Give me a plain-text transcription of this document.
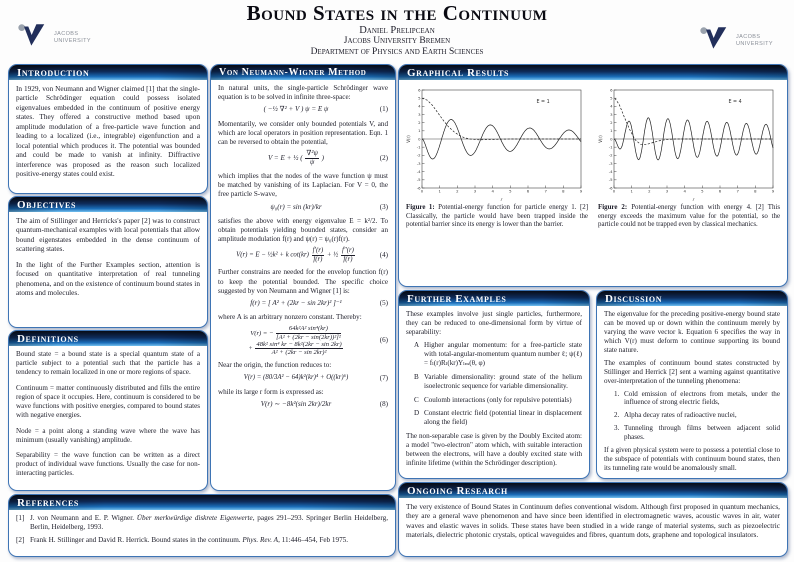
Bound States in the Continuum
Daniel Prelipcean
Jacobs University Bremen
Department of Physics and Earth Sciences
JACOBS
UNIVERSITY
JACOBS
UNIVERSITY
Introduction

In 1929, von Neumann and Wigner claimed [1] that the single-particle Schrödinger equation could possess isolated eigenvalues embedded in the continuum of positive energy states. They offered a constructive method based upon amplitude modulation of a free-particle wave function and leading to a localized (i.e., integrable) eigenfunction and a local potential which produces it. The potential was bounded and could be made to vanish at infinity. Diffractive interference was proposed as the reason such localized positive-energy states could exist.

Objectives

The aim of Stillinger and Herricks's paper [2] was to construct quantum-mechanical examples with local potentials that allow bound eigenstates embedded in the dense continuum of scattering states.

In the light of the Further Examples section, attention is focused on quantitative interpretation of real tunneling phenomena, and on the existence of continuum bound states in atoms and molecules.

Definitions

Bound state = a bound state is a special quantum state of a particle subject to a potential such that the particle has a tendency to remain localized in one or more regions of space.

Continuum = matter continuously distributed and fills the entire region of space it occupies. Here, continuum is considered to be wave functions with positive energies, compared to bound states with negative energies.

Node = a point along a standing wave where the wave has minimum (usually vanishing) amplitude.

Separability = the wave function can be written as a direct product of individual wave functions. Usually the case for non-interacting particles.

Von Neumann-Wigner Method

In natural units, the single-particle Schrödinger wave equation is to be solved in infinite three-space:

( −½ ∇² + V ) ψ = E ψ	(1)

Momentarily, we consider only bounded potentials V, and which are local operators in position representation. Eqn. 1 can be reversed to obtain the potential,

V = E + ½ ( $\frac{\text{∇²ψ}}{\psi}$ )	(2)

which implies that the nodes of the wave function ψ must be matched by vanishing of its Laplacian. For V = 0, the free particle S-wave,

ψ₀(r) = sin (kr)/kr	(3)

satisfies the above with energy eigenvalue E = k²/2. To obtain potentials yielding bounded states, consider an amplitude modulation f(r) and ψ(r) = ψ₀(r)f(r).

V(r) = E − ½k² + k $\cot(kr) \frac{f'(r)}{f(r)}$ + ½ $\frac{f''(r)}{f(r)}$	(4)

Further constrains are needed for the envelop function f(r) to keep the potential bounded. The specific choice suggested by von Neumann and Wigner [1] is:

f(r) = [ A² + (2kr − sin 2kr)² ]⁻¹	(5)

where A is an arbitrary nonzero constant. Thereby:

V(r) = − $\frac{\text{64k²A² sin⁴(kr)}}{\text{[A² + (2kr − sin(2kr))²]²}}$

+ $\frac{\text{48k² sin⁴ kr − 8k²(2kr − sin 2kr)}}{\text{A² + (2kr − sin 2kr)²}}$
(6)

Near the origin, the function reduces to:

V(r) = (80/3A² − 64)k²(kr)⁴ + O((kr)⁶)	(7)

while its large r form is expressed as:

V(r) ∼ −8k²(sin 2kr)/2kr	(8)
Graphical Results
-6
-5
-4
-3
-2
-1
0
1
2
3
4
5
6
0	1	2	3	4	5	6	7	8	9
E = 1
V(r)
r
Figure 1: Potential-energy function for particle energy 1. [2] Classically, the particle would have been trapped inside the potential barrier since its energy is lower than the barrier.
-6
-5
-4
-3
-2
-1
0
1
2
3
4
5
6
0	1	2	3	4	5	6	7	8	9
E = 4
V(r)
r
Figure 2: Potential-energy function with energy 4. [2] This energy exceeds the maximum value for the potential, so the particle could not be trapped even by classical mechanics.
Further Examples

These examples involve just single particles, furthermore, they can be reduced to one-dimensional form by virtue of separability:

A Higher angular momentum: for a free-particle state with total-angular-momentum quantum number ℓ; ψ(ℓ) = fₗ(r)Rₗ(kr)Yₗₘ(θ, φ)
B Variable dimensionality: ground state of the helium isoelectronic sequence for variable dimensionality.
C Coulomb interactions (only for repulsive potentials)
D Constant electric field (potential linear in displacement along the field)

The non-separable case is given by the Doubly Excited atom: a model "two-electron" atom which, with suitable interaction between the electrons, will have a doubly excited state with infinite lifetime (within the Schrödinger description).

Discussion

The eigenvalue for the preceding positive-energy bound state can be moved up or down within the continuum merely by varying the wave vector k. Equation 6 specifies the way in which V(r) must deform to continue supporting its bound state nature.

The examples of continuum bound states constructed by Stillinger and Herrick [2] sent a warning against quantitative over-interpretation of the tunneling phenomena:

1. Cold emission of electrons from metals, under the influence of strong electric fields,
2. Alpha decay rates of radioactive nuclei,
3. Tunneling through films between adjacent solid phases.

If a given physical system were to possess a potential close to the subspace of potentials with continuum bound states, then its tunneling rate would be anomalously small.

Ongoing Research

The very existence of Bound States in Continuum defies conventional wisdom. Although first proposed in quantum mechanics, they are a general wave phenomenon and have since been identified in electromagnetic waves, acoustic waves in air, water waves and elastic waves in solids. These states have been studied in a wide range of material systems, such as piezoelectric materials, dielectric photonic crystals, optical waveguides and fibres, quantum dots, graphene and topological insulators.

References
[1] J. von Neumann and E. P. Wigner. Über merkwürdige diskrete Eigenwerte, pages 291–293. Springer Berlin Heidelberg, Berlin, Heidelberg, 1993.
[2] Frank H. Stillinger and David R. Herrick. Bound states in the continuum. Phys. Rev. A, 11:446–454, Feb 1975.
